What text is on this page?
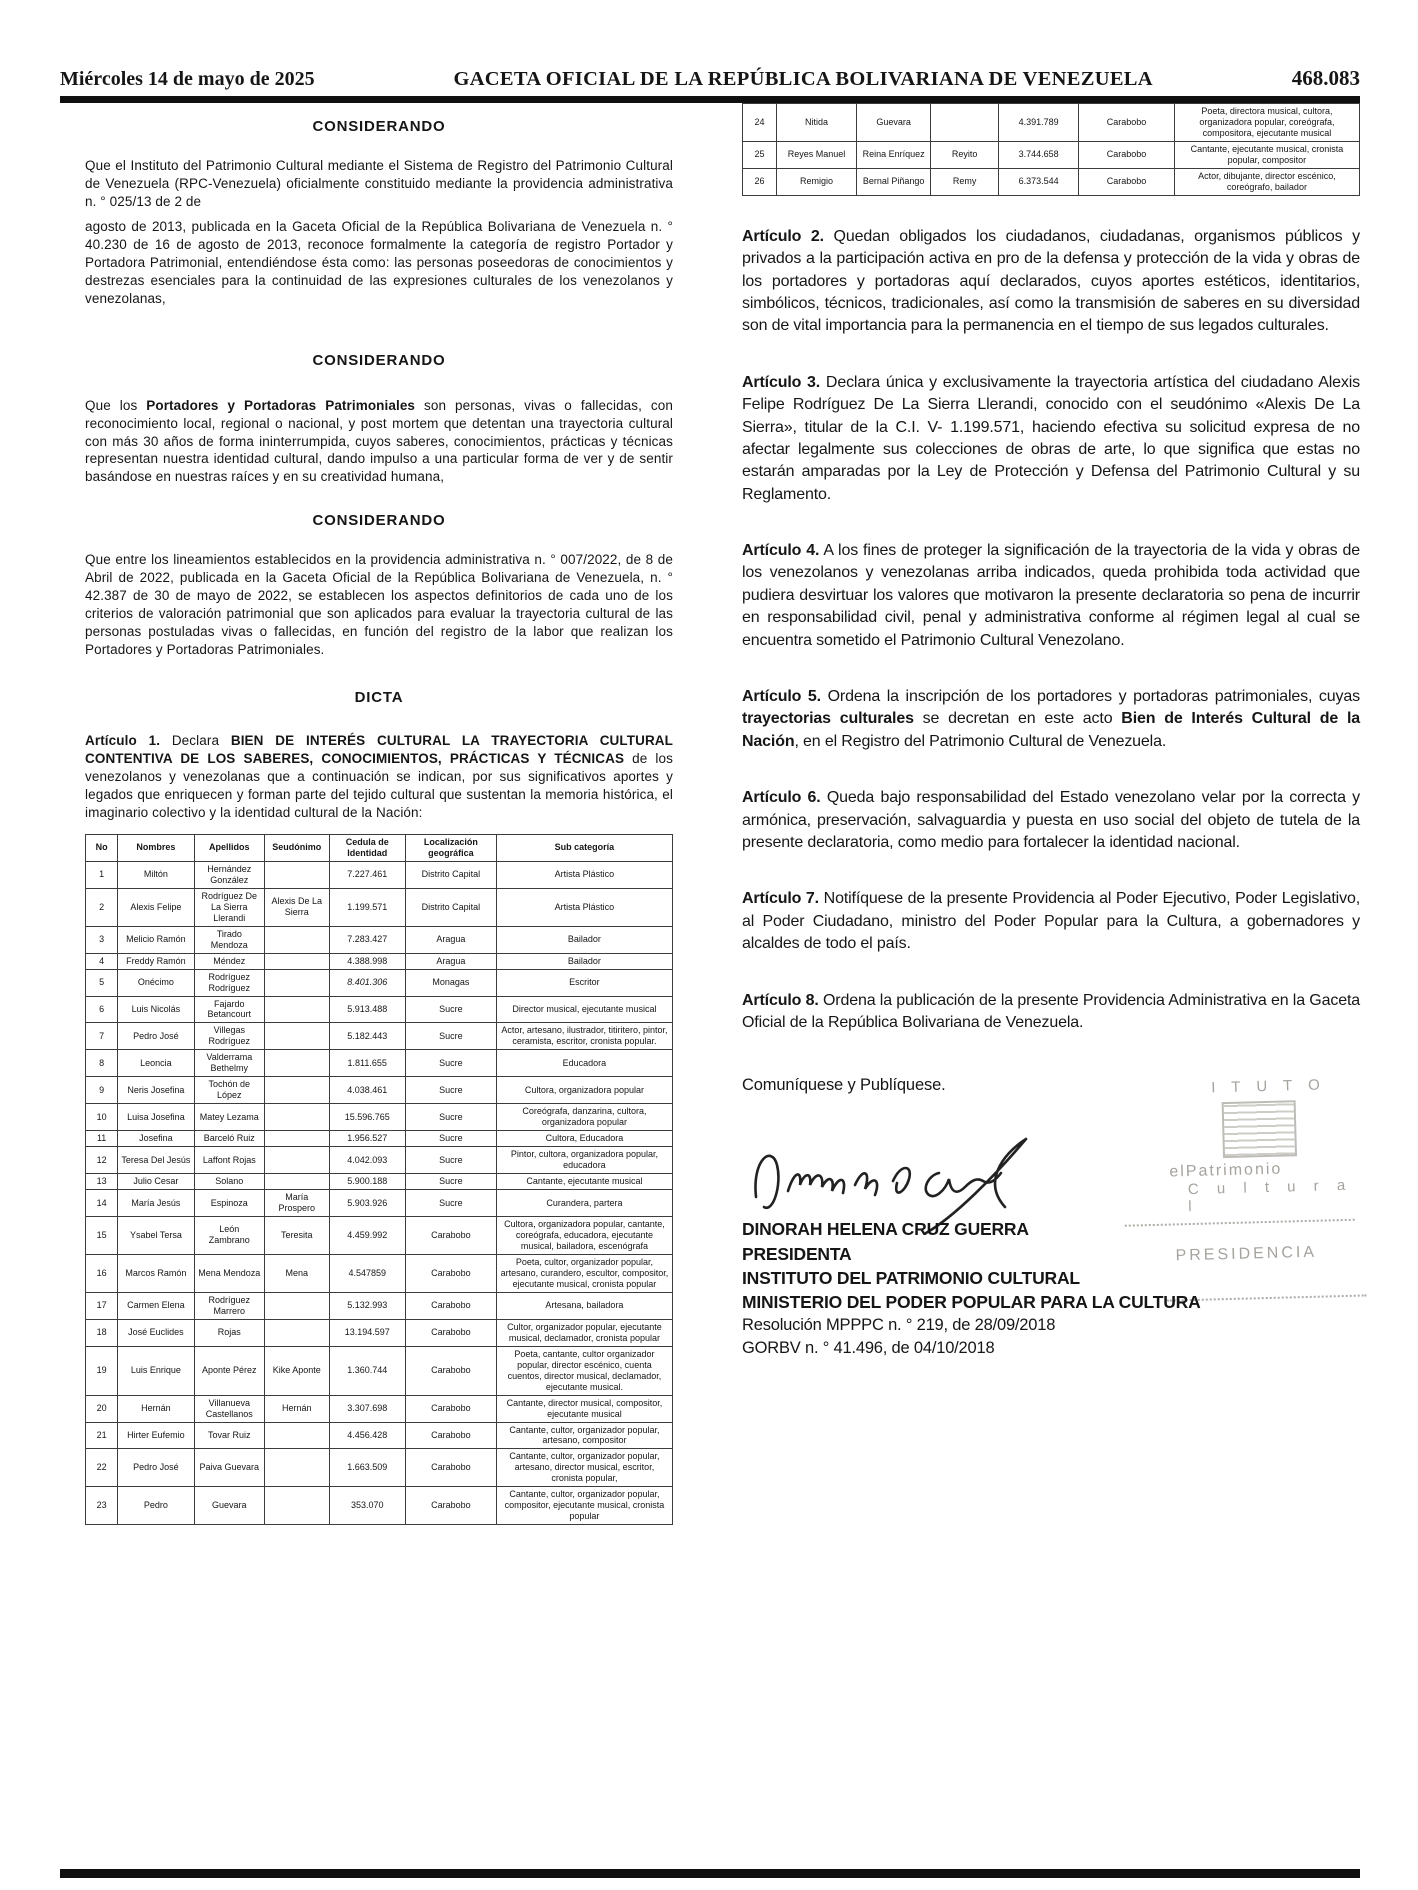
Miércoles 14 de mayo de 2025	GACETA OFICIAL DE LA REPÚBLICA BOLIVARIANA DE VENEZUELA	468.083

CONSIDERANDO

Que el Instituto del Patrimonio Cultural mediante el Sistema de Registro del Patrimonio Cultural de Venezuela (RPC-Venezuela) oficialmente constituido mediante la providencia administrativa n. ° 025/13 de 2 de

agosto de 2013, publicada en la Gaceta Oficial de la República Bolivariana de Venezuela n. ° 40.230 de 16 de agosto de 2013, reconoce formalmente la categoría de registro Portador y Portadora Patrimonial, entendiéndose ésta como: las personas poseedoras de conocimientos y destrezas esenciales para la continuidad de las expresiones culturales de los venezolanos y venezolanas,

CONSIDERANDO

Que los Portadores y Portadoras Patrimoniales son personas, vivas o fallecidas, con reconocimiento local, regional o nacional, y post mortem que detentan una trayectoria cultural con más 30 años de forma ininterrumpida, cuyos saberes, conocimientos, prácticas y técnicas representan nuestra identidad cultural, dando impulso a una particular forma de ver y de sentir basándose en nuestras raíces y en su creatividad humana,

CONSIDERANDO

Que entre los lineamientos establecidos en la providencia administrativa n. ° 007/2022, de 8 de Abril de 2022, publicada en la Gaceta Oficial de la República Bolivariana de Venezuela, n. ° 42.387 de 30 de mayo de 2022, se establecen los aspectos definitorios de cada uno de los criterios de valoración patrimonial que son aplicados para evaluar la trayectoria cultural de las personas postuladas vivas o fallecidas, en función del registro de la labor que realizan los Portadores y Portadoras Patrimoniales.

DICTA

Artículo 1. Declara BIEN DE INTERÉS CULTURAL LA TRAYECTORIA CULTURAL CONTENTIVA DE LOS SABERES, CONOCIMIENTOS, PRÁCTICAS Y TÉCNICAS de los venezolanos y venezolanas que a continuación se indican, por sus significativos aportes y legados que enriquecen y forman parte del tejido cultural que sustentan la memoria histórica, el imaginario colectivo y la identidad cultural de la Nación:

No	Nombres	Apellidos	Seudónimo	Cedula de Identidad	Localización geográfica	Sub categoría
1	Miltón	Hernández González		7.227.461	Distrito Capital	Artista Plástico
2	Alexis Felipe	Rodríguez De La Sierra Llerandi	Alexis De La Sierra	1.199.571	Distrito Capital	Artista Plástico
3	Melicio Ramón	Tirado Mendoza		7.283.427	Aragua	Bailador
4	Freddy Ramón	Méndez		4.388.998	Aragua	Bailador
5	Onécimo	Rodríguez Rodríguez		8.401.306	Monagas	Escritor
6	Luis Nicolás	Fajardo Betancourt		5.913.488	Sucre	Director musical, ejecutante musical
7	Pedro José	Villegas Rodríguez		5.182.443	Sucre	Actor, artesano, ilustrador, titiritero, pintor, ceramista, escritor, cronista popular.
8	Leoncia	Valderrama Bethelmy		1.811.655	Sucre	Educadora
9	Neris Josefina	Tochón de López		4.038.461	Sucre	Cultora, organizadora popular
10	Luisa Josefina	Matey Lezama		15.596.765	Sucre	Coreógrafa, danzarina, cultora, organizadora popular
11	Josefina	Barceló Ruiz		1.956.527	Sucre	Cultora, Educadora
12	Teresa Del Jesús	Laffont Rojas		4.042.093	Sucre	Pintor, cultora, organizadora popular, educadora
13	Julio Cesar	Solano		5.900.188	Sucre	Cantante, ejecutante musical
14	María Jesús	Espinoza	María Prospero	5.903.926	Sucre	Curandera, partera
15	Ysabel Tersa	León Zambrano	Teresita	4.459.992	Carabobo	Cultora, organizadora popular, cantante, coreógrafa, educadora, ejecutante musical, bailadora, escenógrafa
16	Marcos Ramón	Mena Mendoza	Mena	4.547859	Carabobo	Poeta, cultor, organizador popular, artesano, curandero, escultor, compositor, ejecutante musical, cronista popular
17	Carmen Elena	Rodríguez Marrero		5.132.993	Carabobo	Artesana, bailadora
18	José Euclides	Rojas		13.194.597	Carabobo	Cultor, organizador popular, ejecutante musical, declamador, cronista popular
19	Luis Enrique	Aponte Pérez	Kike Aponte	1.360.744	Carabobo	Poeta, cantante, cultor organizador popular, director escénico, cuenta cuentos, director musical, declamador, ejecutante musical.
20	Hernán	Villanueva Castellanos	Hernán	3.307.698	Carabobo	Cantante, director musical, compositor, ejecutante musical
21	Hirter Eufemio	Tovar Ruiz		4.456.428	Carabobo	Cantante, cultor, organizador popular, artesano, compositor
22	Pedro José	Paiva Guevara		1.663.509	Carabobo	Cantante, cultor, organizador popular, artesano, director musical, escritor, cronista popular,
23	Pedro	Guevara		353.070	Carabobo	Cantante, cultor, organizador popular, compositor, ejecutante musical, cronista popular
24	Nitida	Guevara		4.391.789	Carabobo	Poeta, directora musical, cultora, organizadora popular, coreógrafa, compositora, ejecutante musical
25	Reyes Manuel	Reina Enríquez	Reyito	3.744.658	Carabobo	Cantante, ejecutante musical, cronista popular, compositor
26	Remigio	Bernal Piñango	Remy	6.373.544	Carabobo	Actor, dibujante, director escénico, coreógrafo, bailador

Artículo 2. Quedan obligados los ciudadanos, ciudadanas, organismos públicos y privados a la participación activa en pro de la defensa y protección de la vida y obras de los portadores y portadoras aquí declarados, cuyos aportes estéticos, identitarios, simbólicos, técnicos, tradicionales, así como la transmisión de saberes en su diversidad son de vital importancia para la permanencia en el tiempo de sus legados culturales.

Artículo 3. Declara única y exclusivamente la trayectoria artística del ciudadano Alexis Felipe Rodríguez De La Sierra Llerandi, conocido con el seudónimo «Alexis De La Sierra», titular de la C.I. V- 1.199.571, haciendo efectiva su solicitud expresa de no afectar legalmente sus colecciones de obras de arte, lo que significa que estas no estarán amparadas por la Ley de Protección y Defensa del Patrimonio Cultural y su Reglamento.

Artículo 4. A los fines de proteger la significación de la trayectoria de la vida y obras de los venezolanos y venezolanas arriba indicados, queda prohibida toda actividad que pudiera desvirtuar los valores que motivaron la presente declaratoria so pena de incurrir en responsabilidad civil, penal y administrativa conforme al régimen legal al cual se encuentra sometido el Patrimonio Cultural Venezolano.

Artículo 5. Ordena la inscripción de los portadores y portadoras patrimoniales, cuyas trayectorias culturales se decretan en este acto Bien de Interés Cultural de la Nación, en el Registro del Patrimonio Cultural de Venezuela.

Artículo 6. Queda bajo responsabilidad del Estado venezolano velar por la correcta y armónica, preservación, salvaguardia y puesta en uso social del objeto de tutela de la presente declaratoria, como medio para fortalecer la identidad nacional.

Artículo 7. Notifíquese de la presente Providencia al Poder Ejecutivo, Poder Legislativo, al Poder Ciudadano, ministro del Poder Popular para la Cultura, a gobernadores y alcaldes de todo el país.

Artículo 8. Ordena la publicación de la presente Providencia Administrativa en la Gaceta Oficial de la República Bolivariana de Venezuela.

Comuníquese y Publíquese.	I T U T O
elPatrimonio
C u l t u r a l
PRESIDENCIA
DINORAH HELENA CRUZ GUERRA
PRESIDENTA
INSTITUTO DEL PATRIMONIO CULTURAL
MINISTERIO DEL PODER POPULAR PARA LA CULTURA
Resolución MPPPC n. ° 219, de 28/09/2018
GORBV n. ° 41.496, de 04/10/2018
